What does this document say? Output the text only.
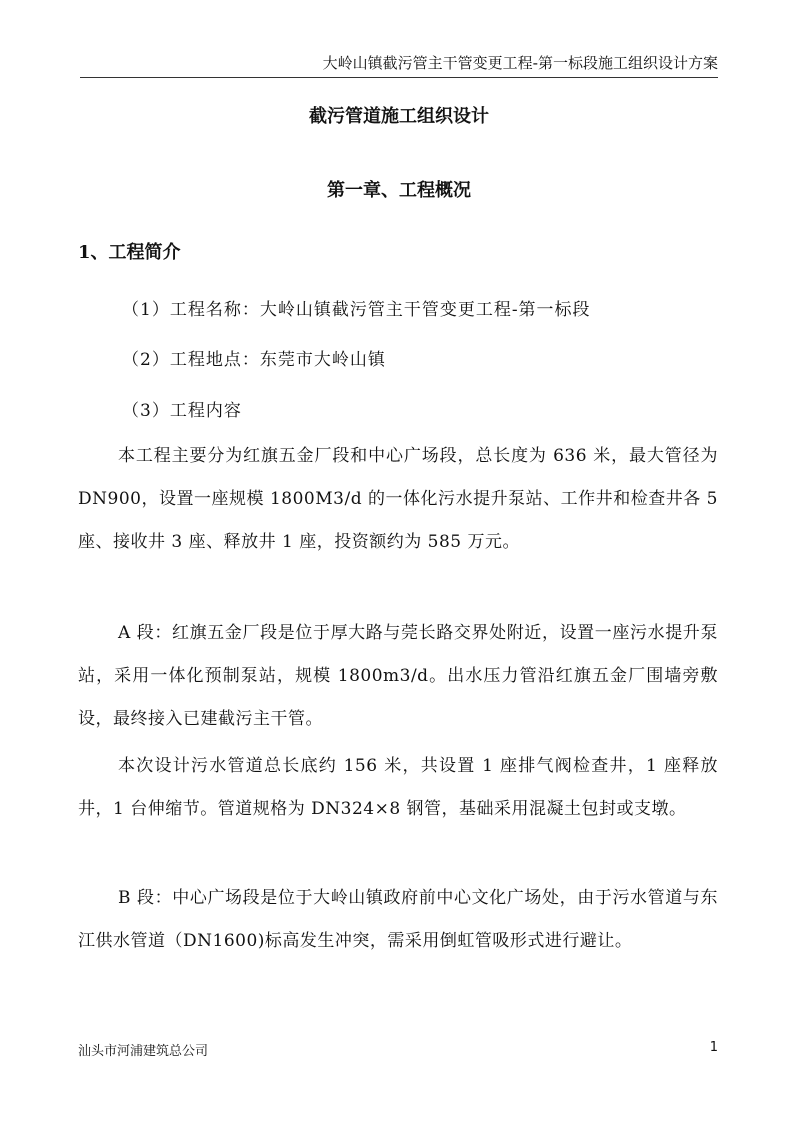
大岭山镇截污管主干管变更工程-第一标段施工组织设计方案
截污管道施工组织设计
第一章、工程概况
1、工程简介
（1）工程名称：大岭山镇截污管主干管变更工程-第一标段
（2）工程地点：东莞市大岭山镇
（3）工程内容

本工程主要分为红旗五金厂段和中心广场段，总长度为 636 米，最大管径为 DN900，设置一座规模 1800M3/d 的一体化污水提升泵站、工作井和检查井各 5 座、接收井 3 座、释放井 1 座，投资额约为 585 万元。

A 段：红旗五金厂段是位于厚大路与莞长路交界处附近，设置一座污水提升泵站，采用一体化预制泵站，规模 1800m3/d。出水压力管沿红旗五金厂围墙旁敷设，最终接入已建截污主干管。

本次设计污水管道总长底约 156 米，共设置 1 座排气阀检查井，1 座释放井，1 台伸缩节。管道规格为 DN324×8 钢管，基础采用混凝土包封或支墩。

B 段：中心广场段是位于大岭山镇政府前中心文化广场处，由于污水管道与东江供水管道（DN1600)标高发生冲突，需采用倒虹管吸形式进行避让。

汕头市河浦建筑总公司	1
